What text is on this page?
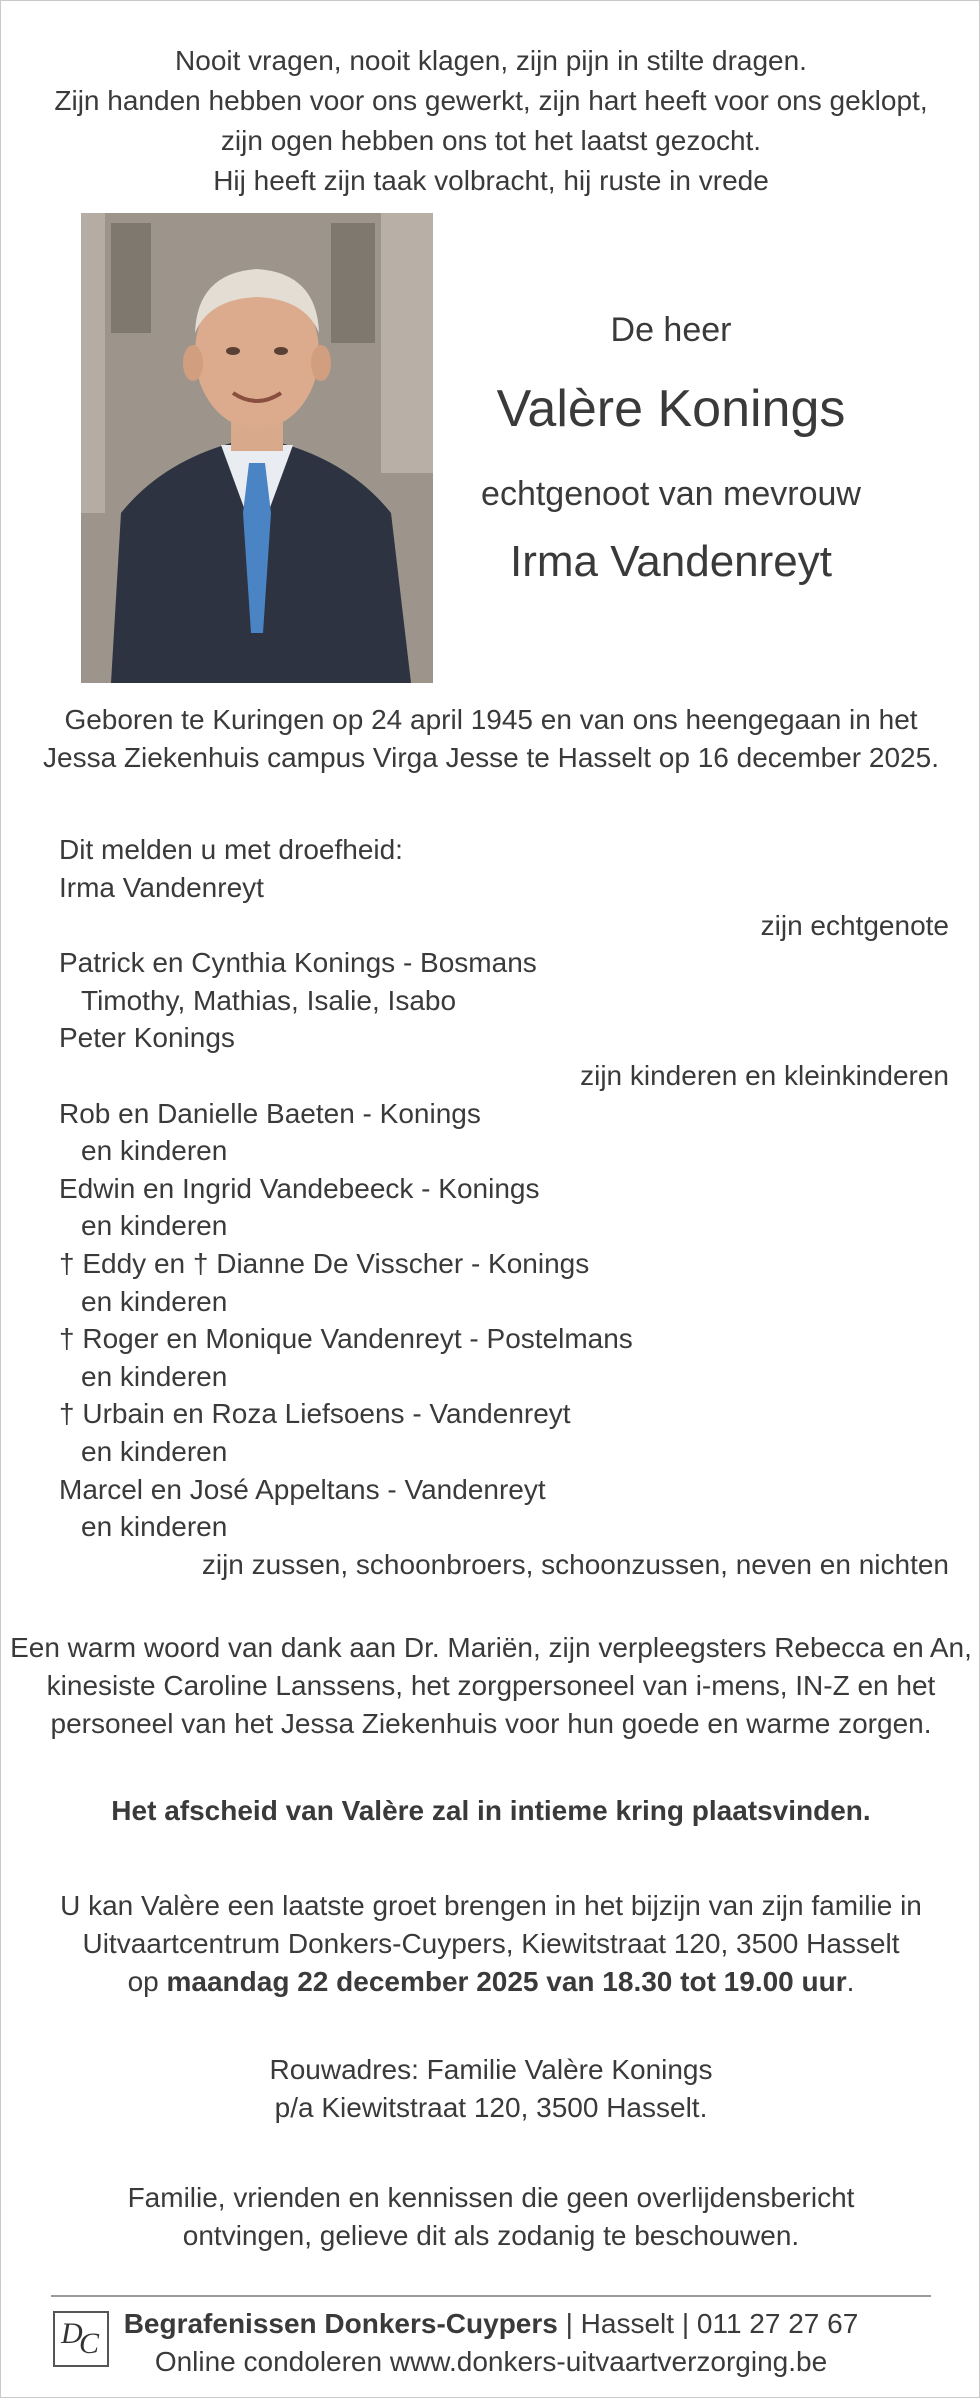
Nooit vragen, nooit klagen, zijn pijn in stilte dragen.
Zijn handen hebben voor ons gewerkt, zijn hart heeft voor ons geklopt,
zijn ogen hebben ons tot het laatst gezocht.
Hij heeft zijn taak volbracht, hij ruste in vrede
De heer
Valère Konings
echtgenoot van mevrouw
Irma Vandenreyt
Geboren te Kuringen op 24 april 1945 en van ons heengegaan in het
Jessa Ziekenhuis campus Virga Jesse te Hasselt op 16 december 2025.
Dit melden u met droefheid:
Irma Vandenreyt
zijn echtgenote
Patrick en Cynthia Konings - Bosmans
Timothy, Mathias, Isalie, Isabo
Peter Konings
zijn kinderen en kleinkinderen
Rob en Danielle Baeten - Konings
en kinderen
Edwin en Ingrid Vandebeeck - Konings
en kinderen
† Eddy en † Dianne De Visscher - Konings
en kinderen
† Roger en Monique Vandenreyt - Postelmans
en kinderen
† Urbain en Roza Liefsoens - Vandenreyt
en kinderen
Marcel en José Appeltans - Vandenreyt
en kinderen
zijn zussen, schoonbroers, schoonzussen, neven en nichten
Een warm woord van dank aan Dr. Mariën, zijn verpleegsters Rebecca en An,
kinesiste Caroline Lanssens, het zorgpersoneel van i-mens, IN-Z en het
personeel van het Jessa Ziekenhuis voor hun goede en warme zorgen.
Het afscheid van Valère zal in intieme kring plaatsvinden.
U kan Valère een laatste groet brengen in het bijzijn van zijn familie in
Uitvaartcentrum Donkers-Cuypers, Kiewitstraat 120, 3500 Hasselt
op maandag 22 december 2025 van 18.30 tot 19.00 uur.
Rouwadres: Familie Valère Konings
p/a Kiewitstraat 120, 3500 Hasselt.
Familie, vrienden en kennissen die geen overlijdensbericht
ontvingen, gelieve dit als zodanig te beschouwen.
D
C
Begrafenissen Donkers-Cuypers | Hasselt | 011 27 27 67
Online condoleren www.donkers-uitvaartverzorging.be
